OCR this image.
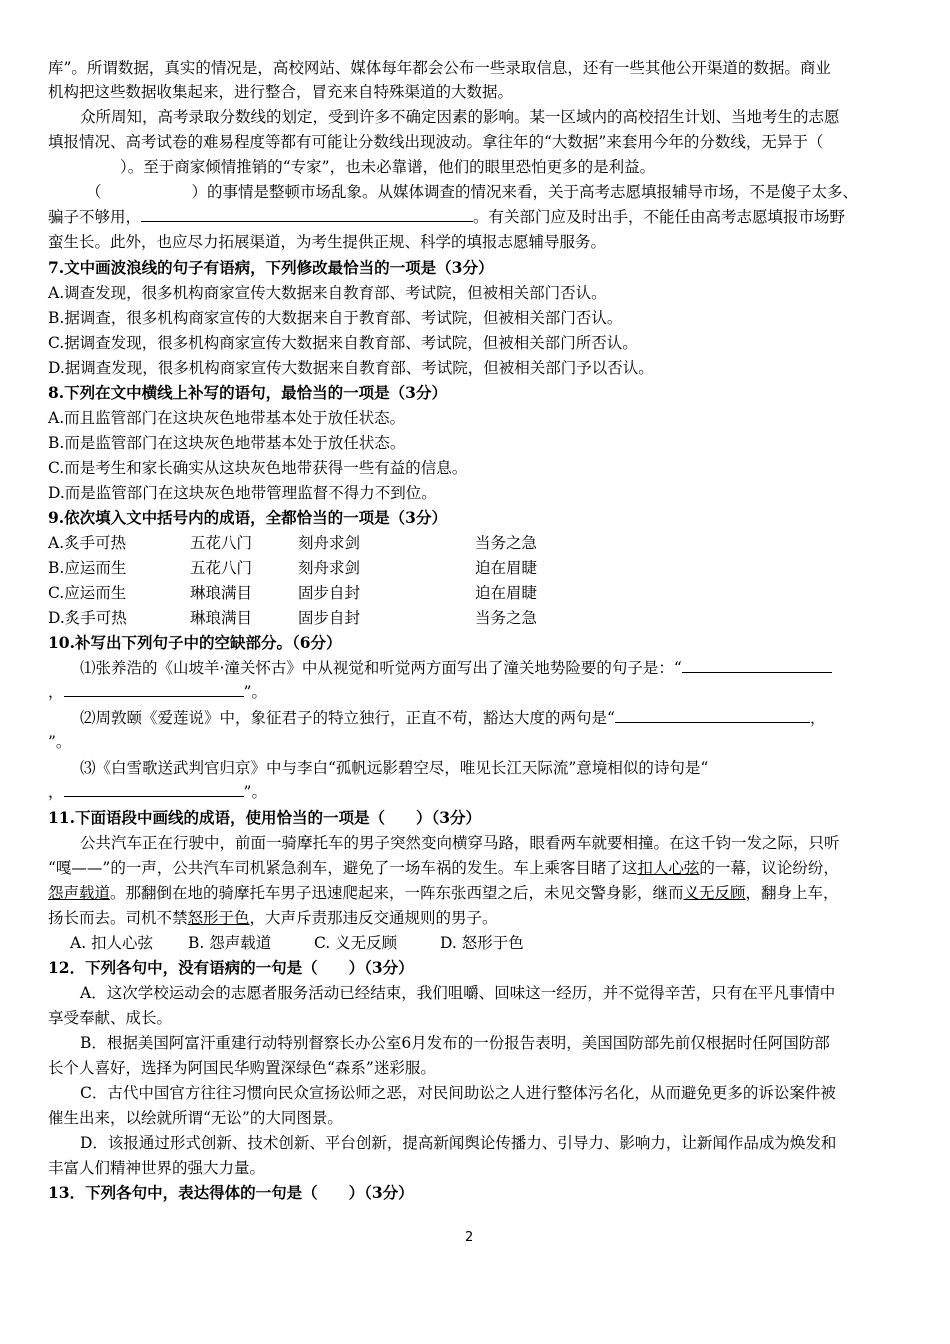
库”。所谓数据，真实的情况是，高校网站、媒体每年都会公布一些录取信息，还有一些其他公开渠道的数据。商业
机构把这些数据收集起来，进行整合，冒充来自特殊渠道的大数据。
众所周知，高考录取分数线的划定，受到许多不确定因素的影响。某一区域内的高校招生计划、当地考生的志愿
填报情况、高考试卷的难易程度等都有可能让分数线出现波动。拿往年的“大数据”来套用今年的分数线，无异于（
）。至于商家倾情推销的“专家”，也未必靠谱，他们的眼里恐怕更多的是利益。
（	）的事情是整顿市场乱象。从媒体调查的情况来看，关于高考志愿填报辅导市场，不是傻子太多、
骗子不够用，	。有关部门应及时出手，不能任由高考志愿填报市场野
蛮生长。此外，也应尽力拓展渠道，为考生提供正规、科学的填报志愿辅导服务。
7.文中画波浪线的句子有语病，下列修改最恰当的一项是（3分）
A.调查发现，很多机构商家宣传大数据来自教育部、考试院，但被相关部门否认。
B.据调查，很多机构商家宣传的大数据来自于教育部、考试院，但被相关部门否认。
C.据调查发现，很多机构商家宣传大数据来自教育部、考试院，但被相关部门所否认。
D.据调查发现，很多机构商家宣传大数据来自教育部、考试院，但被相关部门予以否认。
8.下列在文中横线上补写的语句，最恰当的一项是（3分）
A.而且监管部门在这块灰色地带基本处于放任状态。
B.而是监管部门在这块灰色地带基本处于放任状态。
C.而是考生和家长确实从这块灰色地带获得一些有益的信息。
D.而是监管部门在这块灰色地带管理监督不得力不到位。
9.依次填入文中括号内的成语，全都恰当的一项是（3分）
A.炙手可热	五花八门	刻舟求剑	当务之急
B.应运而生	五花八门	刻舟求剑	迫在眉睫
C.应运而生	琳琅满目	固步自封	迫在眉睫
D.炙手可热	琳琅满目	固步自封	当务之急
10.补写出下列句子中的空缺部分。（6分）
⑴张养浩的《山坡羊·潼关怀古》中从视觉和听觉两方面写出了潼关地势险要的句子是：“
，	”。
⑵周敦颐《爱莲说》中，象征君子的特立独行，正直不苟，豁达大度的两句是“	，
”。
⑶《白雪歌送武判官归京》中与李白“孤帆远影碧空尽，唯见长江天际流”意境相似的诗句是“
，	”。
11.下面语段中画线的成语，使用恰当的一项是（　　）（3分）
公共汽车正在行驶中，前面一骑摩托车的男子突然变向横穿马路，眼看两车就要相撞。在这千钧一发之际，只听
“嘎——”的一声，公共汽车司机紧急刹车，避免了一场车祸的发生。车上乘客目睹了这扣人心弦的一幕，议论纷纷，
怨声载道。那翻倒在地的骑摩托车男子迅速爬起来，一阵东张西望之后，未见交警身影，继而义无反顾，翻身上车，
扬长而去。司机不禁怒形于色，大声斥责那违反交通规则的男子。
A. 扣人心弦 B. 怨声载道	C. 义无反顾	D. 怒形于色
12．下列各句中，没有语病的一句是（　　）（3分）
A．这次学校运动会的志愿者服务活动已经结束，我们咀嚼、回味这一经历，并不觉得辛苦，只有在平凡事情中
享受奉献、成长。
B．根据美国阿富汗重建行动特别督察长办公室6月发布的一份报告表明，美国国防部先前仅根据时任阿国防部
长个人喜好，选择为阿国民华购置深绿色“森系”迷彩服。
C．古代中国官方往往习惯向民众宣扬讼师之恶，对民间助讼之人进行整体污名化，从而避免更多的诉讼案件被
催生出来，以绘就所谓“无讼”的大同图景。
D．该报通过形式创新、技术创新、平台创新，提高新闻舆论传播力、引导力、影响力，让新闻作品成为焕发和
丰富人们精神世界的强大力量。
13．下列各句中，表达得体的一句是（　　）（3分）
2
